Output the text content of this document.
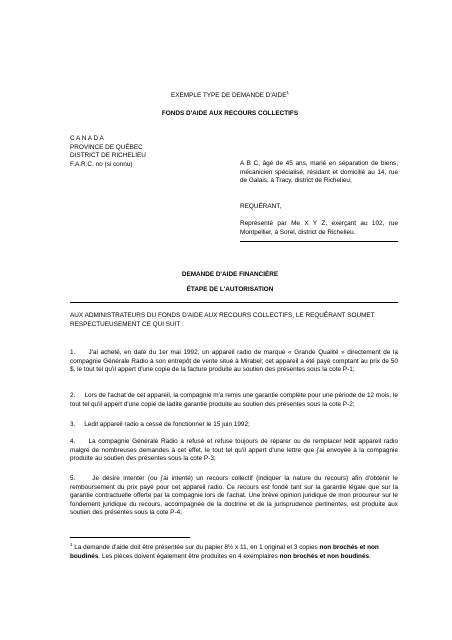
EXEMPLE TYPE DE DEMANDE D'AIDE$^1$
FONDS D'AIDE AUX RECOURS COLLECTIFS
C A N A D A
PROVINCE DE QUÉBEC
DISTRICT DE RICHELIEU
F.A.R.C. no (si connu)	A B C, âgé de 45 ans, marié en séparation de biens, mécanicien spécialisé, résidant et domicilié au 14, rue de Galais, à Tracy, district de Richelieu,
REQUÉRANT,
Représenté par Me X Y Z, exerçant au 102, rue Montpellier, à Sorel, district de Richelieu.
DEMANDE D'AIDE FINANCIÈRE
ÉTAPE DE L'AUTORISATION
AUX ADMINISTRATEURS DU FONDS D'AIDE AUX RECOURS COLLECTIFS, LE REQUÉRANT SOUMET RESPECTUEUSEMENT CE QUI SUIT :
1. J'ai acheté, en date du 1er mai 1992, un appareil radio de marque « Grande Qualité » directement de la compagnie Générale Radio à son entrepôt de vente situé à Mirabel; cet appareil a été payé comptant au prix de 50 $, le tout tel qu'il appert d'une copie de la facture produite au soutien des présentes sous la cote P-1;
2. Lors de l'achat de cet appareil, la compagnie m'a remis une garantie complète pour une période de 12 mois, le tout tel qu'il appert d'une copie de ladite garantie produite au soutien des présentes sous la cote P-2;
3. Ledit appareil radio a cessé de fonctionner le 15 juin 1992;
4. La compagnie Générale Radio a refusé et refuse toujours de réparer ou de remplacer ledit appareil radio malgré de nombreuses demandes à cet effet, le tout tel qu'il appert d'une lettre que j'ai envoyée à la compagnie produite au soutien des présentes sous la cote P-3;
5.	Je désire intenter (ou j'ai intenté) un recours collectif (indiquer la nature du recours) afin d'obtenir le remboursement du prix payé pour cet appareil radio. Ce recours est fondé tant sur la garantie légale que sur la garantie contractuelle offerte par la compagnie lors de l'achat. Une brève opinion juridique de mon procureur sur le fondement juridique du recours, accompagnée de la doctrine et de la jurisprudence pertinentes, est produite aux soutien des présentes sous la cote P-4;
$^1$ La demande d'aide doit être présentée sur du papier 8½ x 11, en 1 original et 3 copies non brochés et non boudinés. Les pièces doivent également être produites en 4 exemplaires non brochés et non boudinés.
